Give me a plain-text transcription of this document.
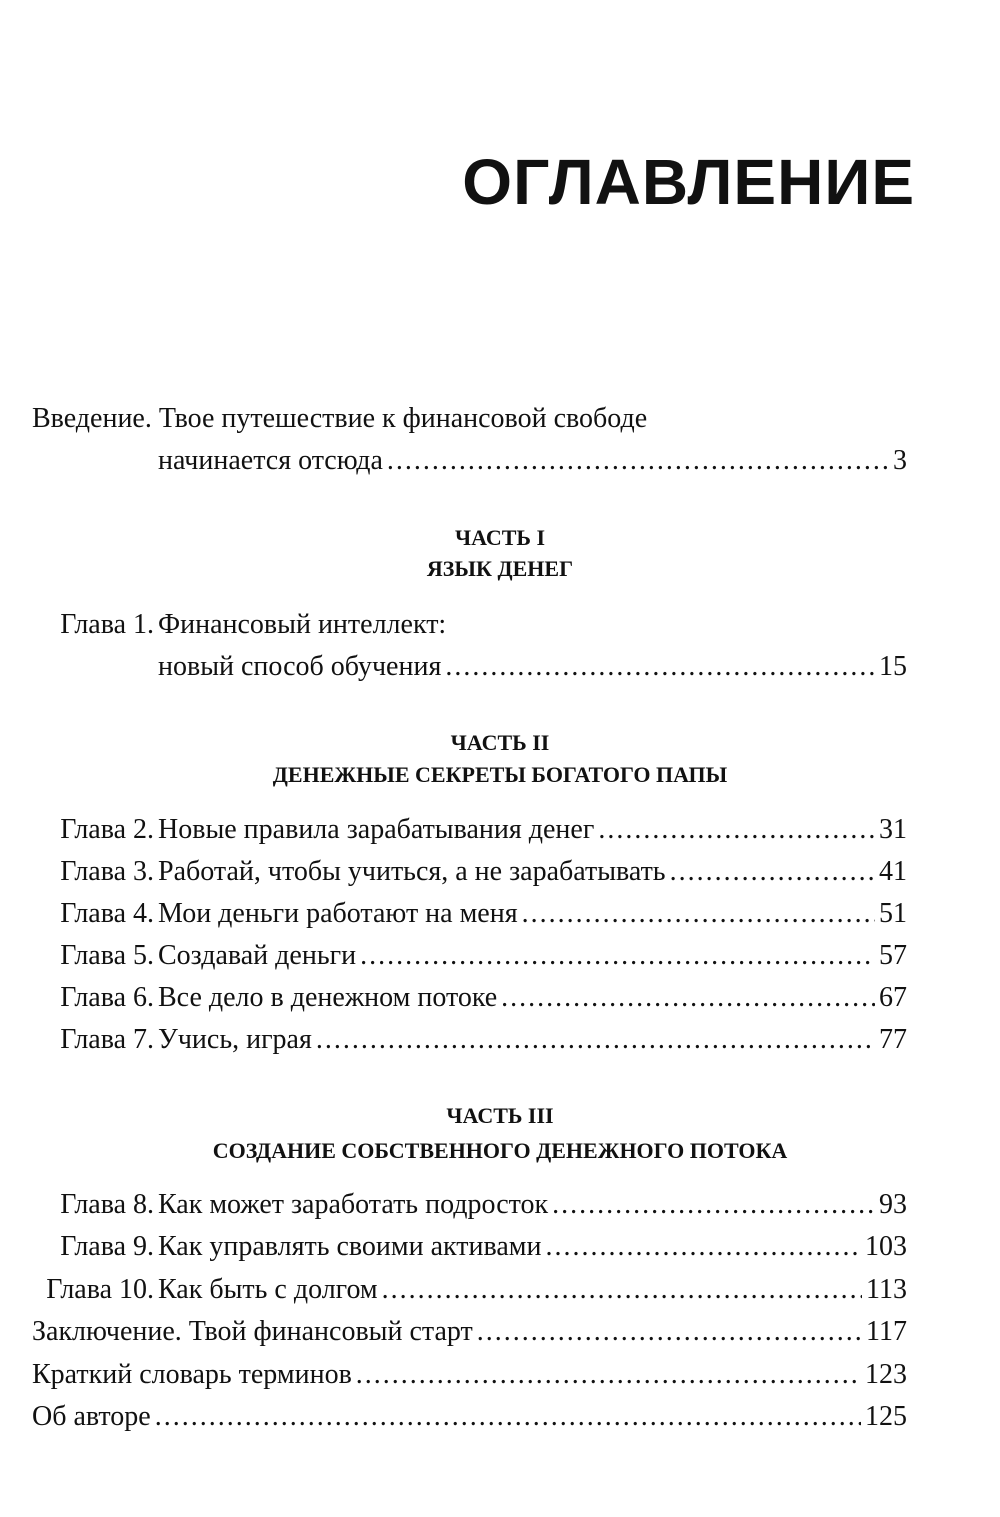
ОГЛАВЛЕНИЕ
Введение. Твое путешествие к финансовой свободе
начинается отсюда .....	3
ЧАСТЬ I
ЯЗЫК ДЕНЕГ
Глава 1. Финансовый интеллект:
новый способ обучения .....	15
ЧАСТЬ II
ДЕНЕЖНЫЕ СЕКРЕТЫ БОГАТОГО ПАПЫ
Глава 2. Новые правила зарабатывания денег .....	31
Глава 3. Работай, чтобы учиться, а не зарабатывать .....	41
Глава 4. Мои деньги работают на меня .....	51
Глава 5. Создавай деньги .....	57
Глава 6. Все дело в денежном потоке .....	67
Глава 7. Учись, играя .....	77
ЧАСТЬ III
СОЗДАНИЕ СОБСТВЕННОГО ДЕНЕЖНОГО ПОТОКА
Глава 8. Как может заработать подросток .....	93
Глава 9. Как управлять своими активами .....	103
Глава 10. Как быть с долгом .....	113
Заключение. Твой финансовый старт .....	117
Краткий словарь терминов .....	123
Об авторе .....	125
